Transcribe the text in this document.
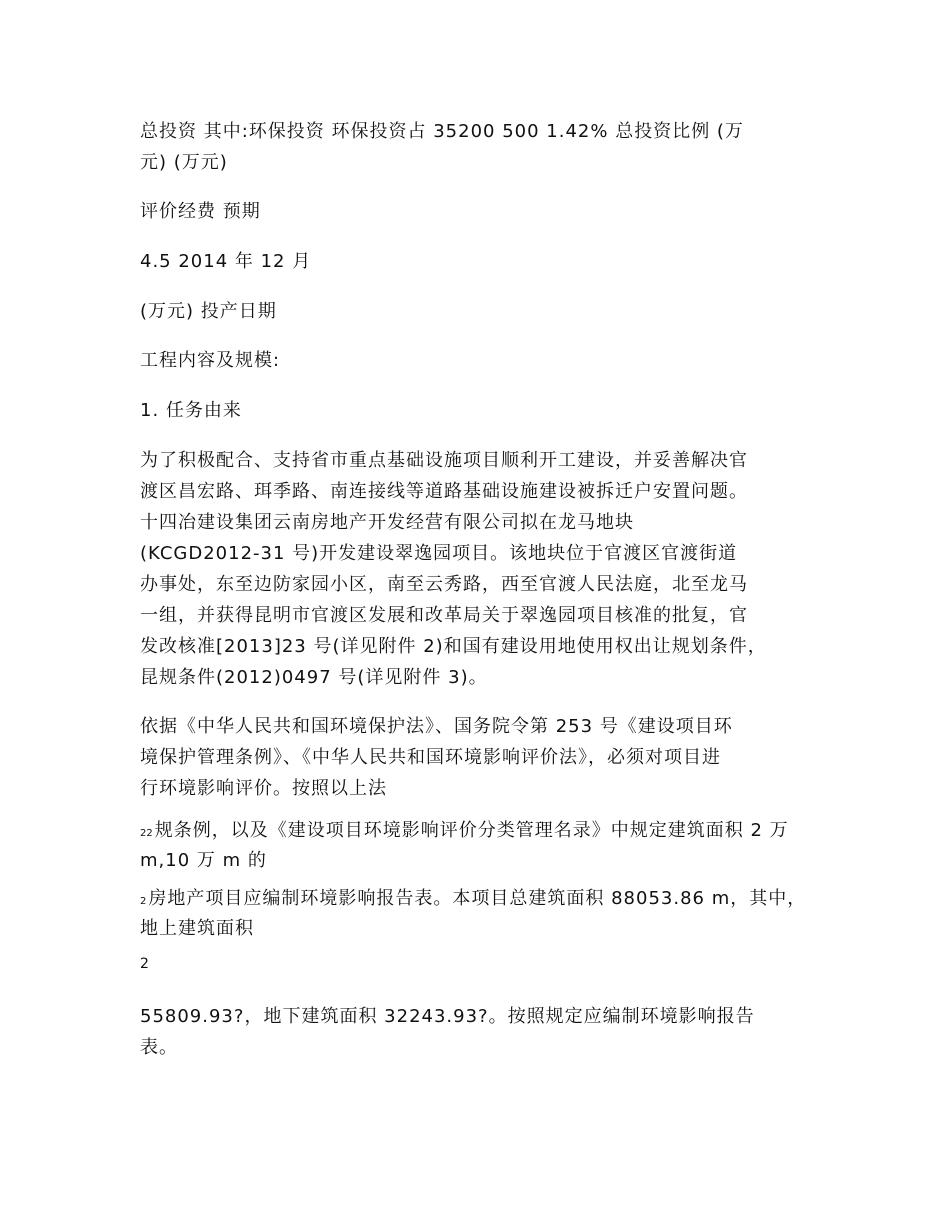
总投资 其中:环保投资 环保投资占 35200 500 1.42% 总投资比例 (万
元) (万元)
评价经费 预期
4.5 2014 年 12 月
(万元) 投产日期
工程内容及规模:
1. 任务由来
为了积极配合、支持省市重点基础设施项目顺利开工建设，并妥善解决官
渡区昌宏路、珥季路、南连接线等道路基础设施建设被拆迁户安置问题。
十四冶建设集团云南房地产开发经营有限公司拟在龙马地块
(KCGD2012-31 号)开发建设翠逸园项目。该地块位于官渡区官渡街道
办事处，东至边防家园小区，南至云秀路，西至官渡人民法庭，北至龙马
一组，并获得昆明市官渡区发展和改革局关于翠逸园项目核准的批复，官
发改核准[2013]23 号(详见附件 2)和国有建设用地使用权出让规划条件，
昆规条件(2012)0497 号(详见附件 3)。
依据《中华人民共和国环境保护法》、国务院令第 253 号《建设项目环
境保护管理条例》、《中华人民共和国环境影响评价法》，必须对项目进
行环境影响评价。按照以上法
22 规条例，以及《建设项目环境影响评价分类管理名录》中规定建筑面积 2 万
m,10 万 m 的
2 房地产项目应编制环境影响报告表。本项目总建筑面积 88053.86 m，其中，
地上建筑面积
2
55809.93?，地下建筑面积 32243.93?。按照规定应编制环境影响报告
表。
